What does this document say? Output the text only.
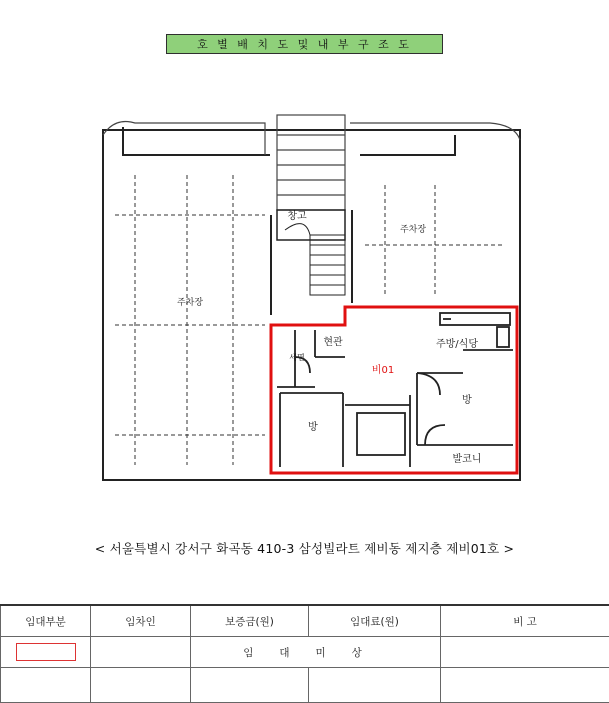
호 별 배 치 도 및 내 부 구 조 도
창고
주차장
주차장
현관	주방/식당
세면
방
방
발코니
비01
< 서울특별시 강서구 화곡동 410-3 삼성빌라트 제비동 제지층 제비01호 >
임대부분	임차인	보증금(원)	임대료(원)	비 고
		임대미상		
